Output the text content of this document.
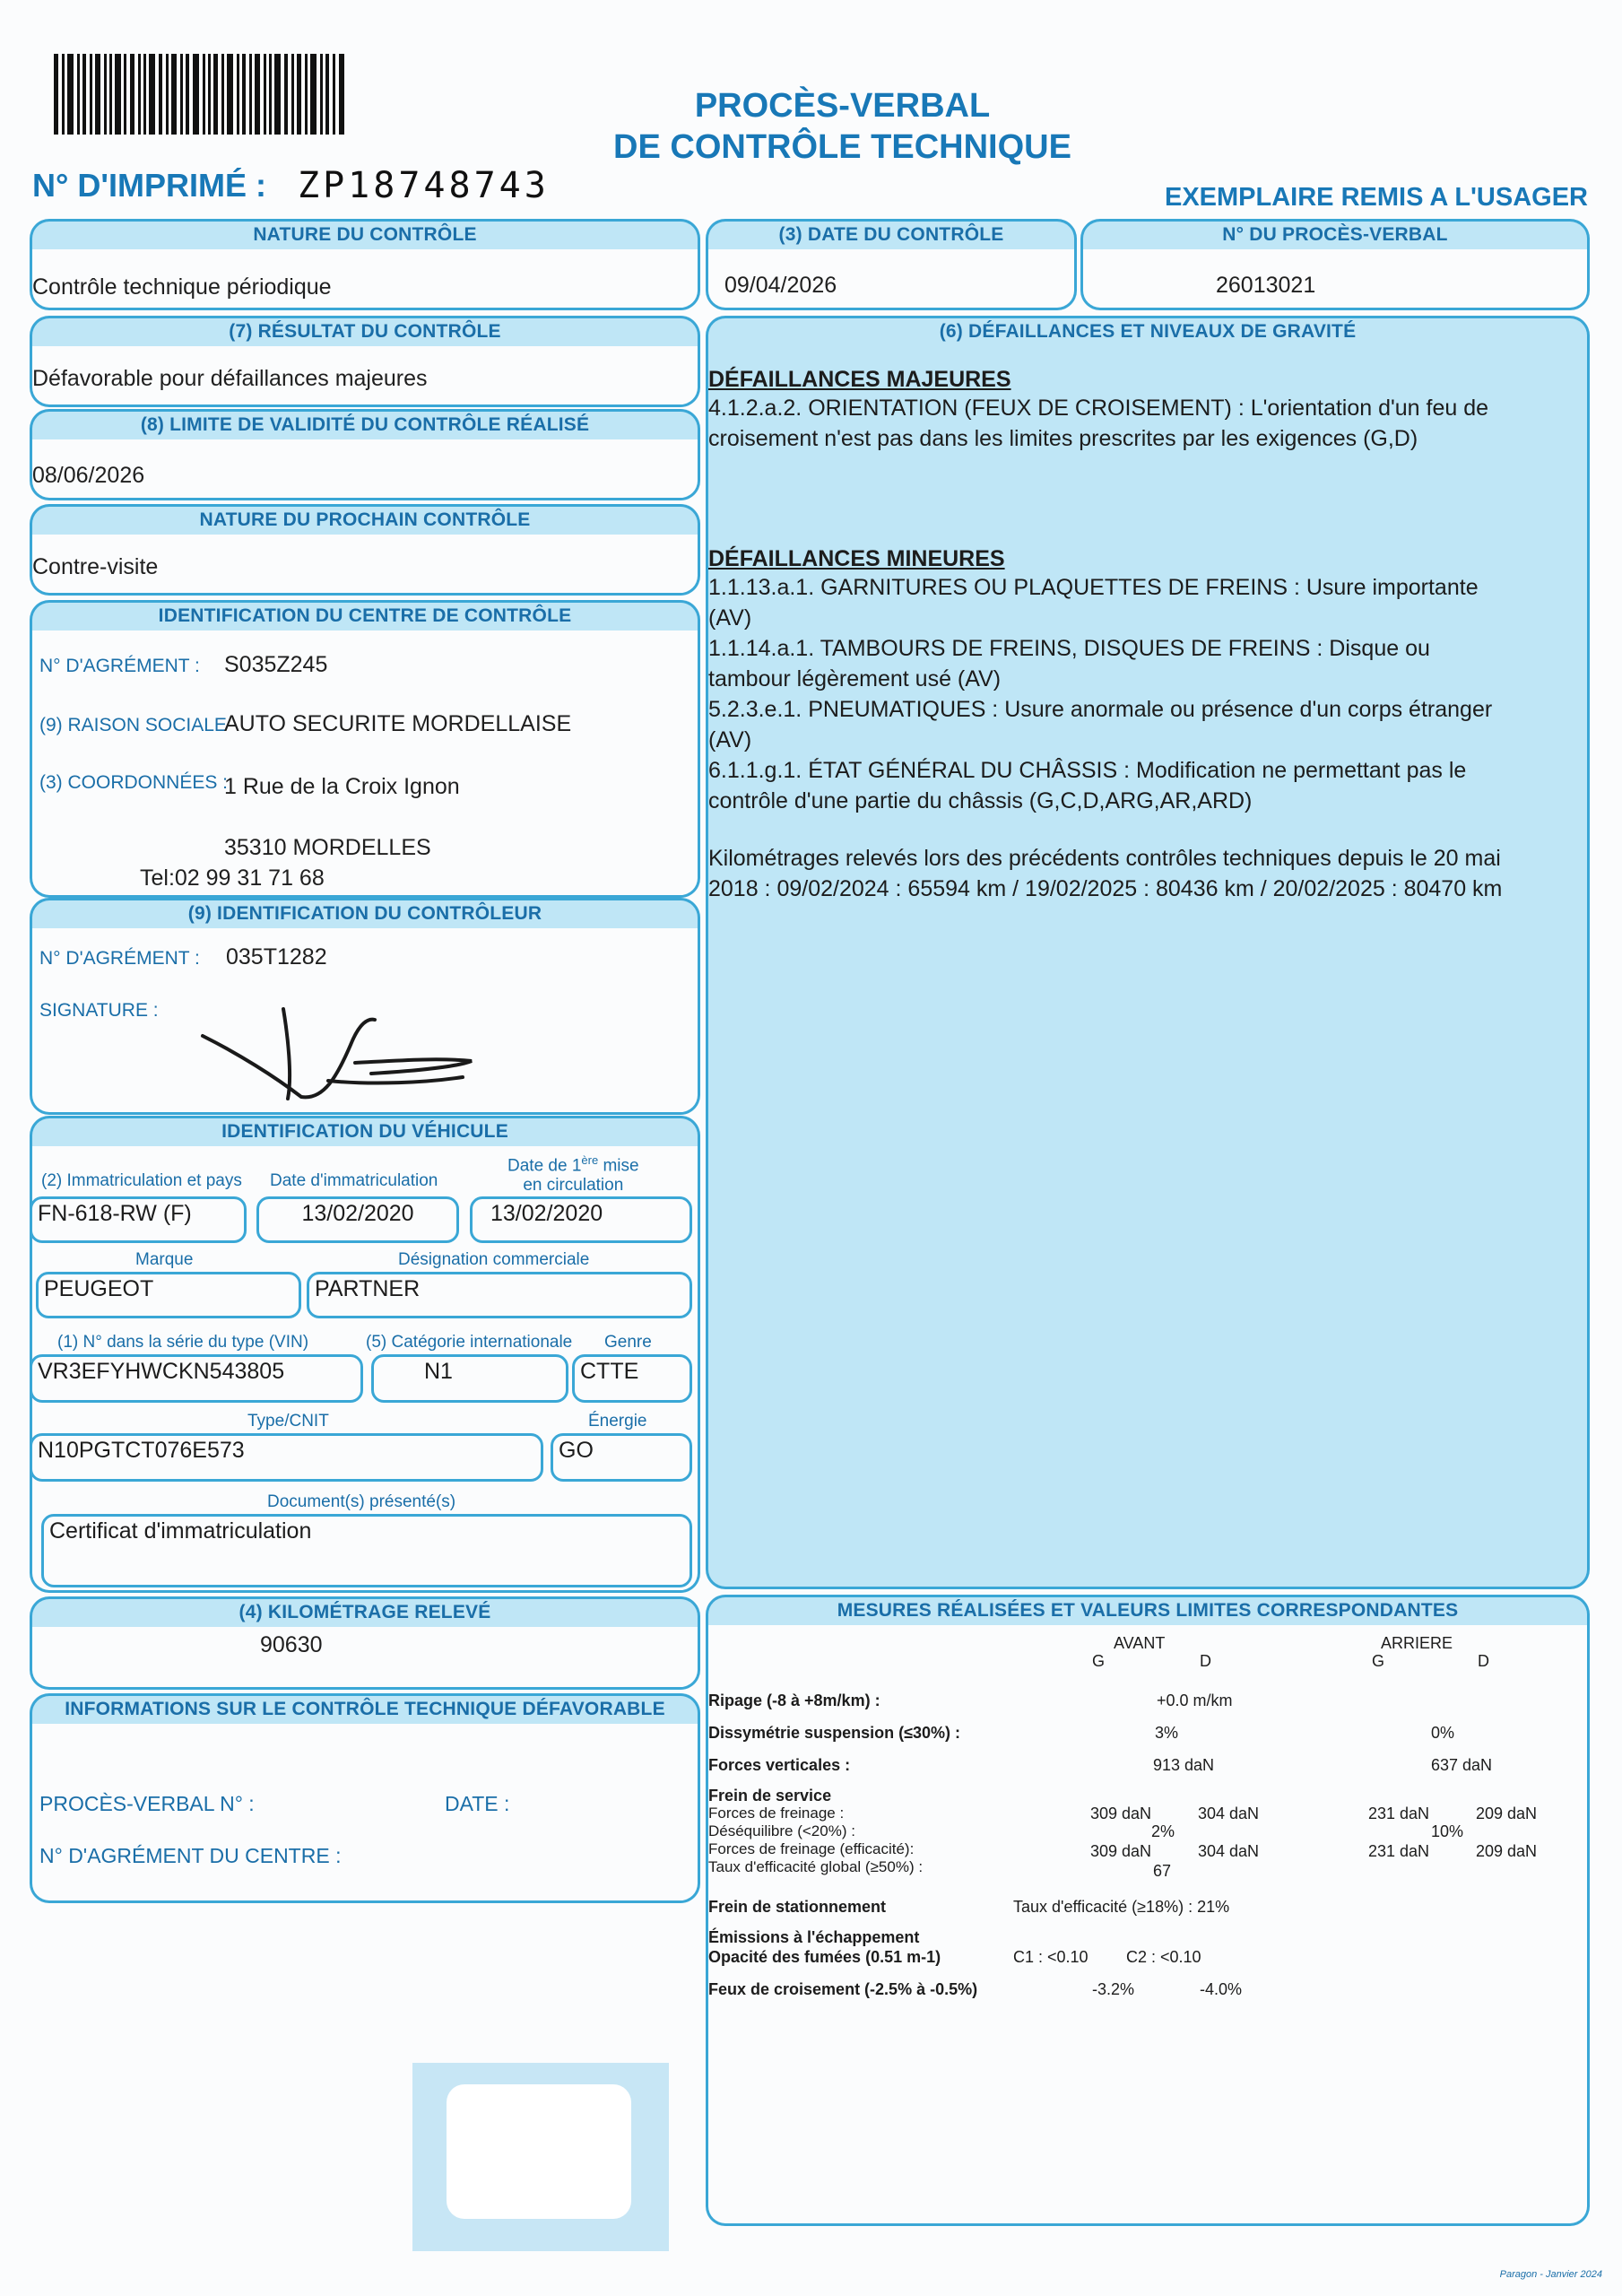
PROCÈS-VERBAL
DE CONTRÔLE TECHNIQUE
N° D'IMPRIMÉ : ZP18748743	EXEMPLAIRE REMIS A L'USAGER
NATURE DU CONTRÔLE
Contrôle technique périodique
(7) RÉSULTAT DU CONTRÔLE
Défavorable pour défaillances majeures
(8) LIMITE DE VALIDITÉ DU CONTRÔLE RÉALISÉ
08/06/2026
NATURE DU PROCHAIN CONTRÔLE
Contre-visite
IDENTIFICATION DU CENTRE DE CONTRÔLE
N° D'AGRÉMENT : S035Z245
(9) RAISON SOCIALE
AUTO SECURITE MORDELLAISE
(3) COORDONNÉES :
1 Rue de la Croix Ignon
35310 MORDELLES
Tel:02 99 31 71 68
(9) IDENTIFICATION DU CONTRÔLEUR
N° D'AGRÉMENT : 035T1282
SIGNATURE :
IDENTIFICATION DU VÉHICULE
(2) Immatriculation et pays Date d'immatriculation
Date de 1ère mise
en circulation
FN-618-RW (F)	13/02/2020	13/02/2020
Marque	Désignation commerciale
PEUGEOT	PARTNER
(1) N° dans la série du type (VIN)	(5) Catégorie internationale Genre
VR3EFYHWCKN543805	N1	CTTE
Type/CNIT	Énergie
N10PGTCT076E573	GO
Document(s) présenté(s)
Certificat d'immatriculation
(4) KILOMÉTRAGE RELEVÉ
90630
INFORMATIONS SUR LE CONTRÔLE TECHNIQUE DÉFAVORABLE
PROCÈS-VERBAL N° :	DATE :
N° D'AGRÉMENT DU CENTRE :
(3) DATE DU CONTRÔLE
09/04/2026
N° DU PROCÈS-VERBAL
26013021
(6) DÉFAILLANCES ET NIVEAUX DE GRAVITÉ
DÉFAILLANCES MAJEURES
4.1.2.a.2. ORIENTATION (FEUX DE CROISEMENT) : L'orientation d'un feu de croisement n'est pas dans les limites prescrites par les exigences (G,D)
DÉFAILLANCES MINEURES
1.1.13.a.1. GARNITURES OU PLAQUETTES DE FREINS : Usure importante (AV)
1.1.14.a.1. TAMBOURS DE FREINS, DISQUES DE FREINS : Disque ou tambour légèrement usé (AV)
5.2.3.e.1. PNEUMATIQUES : Usure anormale ou présence d'un corps étranger (AV)
6.1.1.g.1. ÉTAT GÉNÉRAL DU CHÂSSIS : Modification ne permettant pas le contrôle d'une partie du châssis (G,C,D,ARG,AR,ARD)
Kilométrages relevés lors des précédents contrôles techniques depuis le 20 mai 2018 : 09/02/2024 : 65594 km / 19/02/2025 : 80436 km / 20/02/2025 : 80470 km
MESURES RÉALISÉES ET VALEURS LIMITES CORRESPONDANTES
AVANT	ARRIERE
G	D	G	D
Ripage (-8 à +8m/km) :	+0.0 m/km
Dissymétrie suspension (≤30%) :	3%	0%
Forces verticales :	913 daN	637 daN
Frein de service
Forces de freinage :	309 daN	304 daN	231 daN	209 daN
Déséquilibre (<20%) :	2%	10%
Forces de freinage (efficacité):	309 daN	304 daN	231 daN	209 daN
Taux d'efficacité global (≥50%) :	67
Frein de stationnement	Taux d'efficacité (≥18%) : 21%
Émissions à l'échappement
Opacité des fumées (0.51 m-1)	C1 : <0.10 C2 : <0.10
Feux de croisement (-2.5% à -0.5%)	-3.2%	-4.0%
Paragon - Janvier 2024
